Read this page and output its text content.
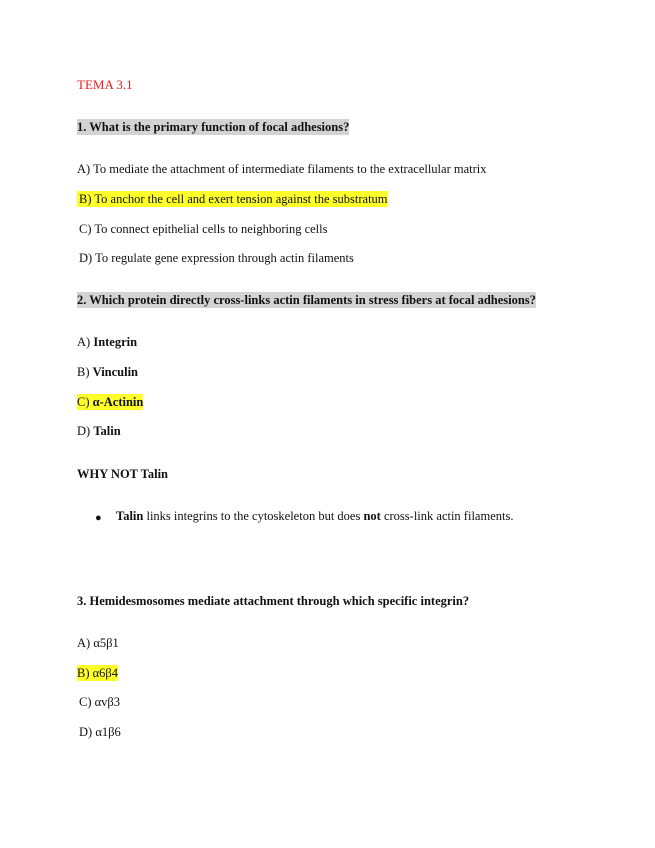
TEMA 3.1
1. What is the primary function of focal adhesions?
A) To mediate the attachment of intermediate filaments to the extracellular matrix
B) To anchor the cell and exert tension against the substratum
C) To connect epithelial cells to neighboring cells
D) To regulate gene expression through actin filaments
2. Which protein directly cross-links actin filaments in stress fibers at focal adhesions?
A) Integrin
B) Vinculin
C) α-Actinin
D) Talin
WHY NOT Talin
● Talin links integrins to the cytoskeleton but does not cross-link actin filaments.
3. Hemidesmosomes mediate attachment through which specific integrin?
A) α5β1
B) α6β4
C) αvβ3
D) α1β6
